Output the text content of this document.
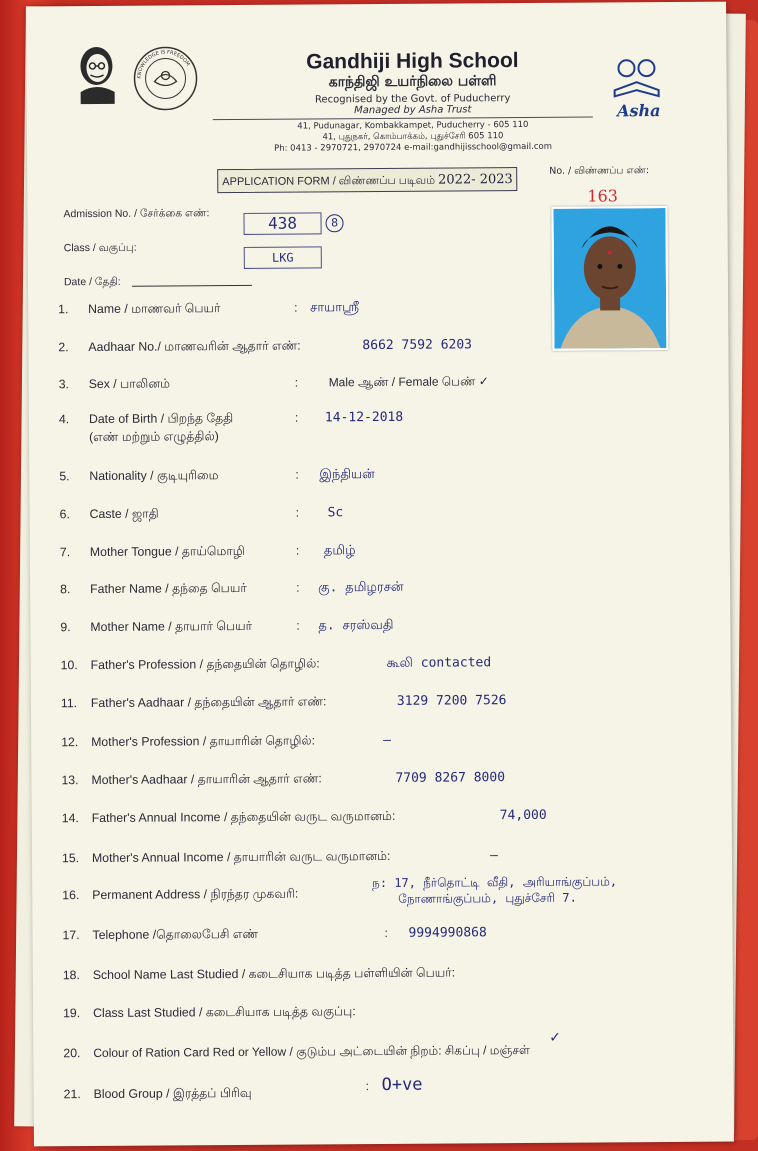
KNOWLEDGE IS FREEDOM
Asha
Gandhiji High School
காந்திஜி உயர்நிலை பள்ளி
Recognised by the Govt. of Puducherry
Managed by Asha Trust
41, Pudunagar, Kombakkampet, Puducherry - 605 110
41, புதுநகர், கொம்பாக்கம், புதுச்சேரி 605 110
Ph: 0413 - 2970721, 2970724 e-mail:gandhijisschool@gmail.com
APPLICATION FORM / விண்ணப்ப படிவம் 2022- 2023
No. / விண்ணப்ப எண்:
163
Admission No. / சேர்க்கை எண்:	438	8
Class / வகுப்பு:
LKG
Date / தேதி:
1.	Name / மாணவர் பெயர்	: சாயாஸ்ரீ
2.	Aadhaar No./ மாணவரின் ஆதார் எண்:	8662 7592 6203
3.	Sex / பாலினம்	:	Male ஆண் / Female பெண் ✓
4.	Date of Birth / பிறந்த தேதி
(எண் மற்றும் எழுத்தில்)
: 14-12-2018
5.	Nationality / குடியுரிமை	: இந்தியன்
6.	Caste / ஜாதி	: Sc
7.	Mother Tongue / தாய்மொழி	: தமிழ்
8.	Father Name / தந்தை பெயர்	: கு. தமிழரசன்
9.	Mother Name / தாயார் பெயர்	: த. சரஸ்வதி
10.	Father's Profession / தந்தையின் தொழில்:	கூலி contacted
11.	Father's Aadhaar / தந்தையின் ஆதார் எண்:	3129 7200 7526
12.	Mother's Profession / தாயாரின் தொழில்:	–
13.	Mother's Aadhaar / தாயாரின் ஆதார் எண்:	7709 8267 8000
14.	Father's Annual Income / தந்தையின் வருட வருமானம்:	74,000
15.	Mother's Annual Income / தாயாரின் வருட வருமானம்:	–
16.	Permanent Address / நிரந்தர முகவரி:
ந: 17, நீர்தொட்டி வீதி, அரியாங்குப்பம்,
நோணாங்குப்பம், புதுச்சேரி 7.
17.	Telephone /தொலைபேசி எண்	: 9994990868
18.	School Name Last Studied / கடைசியாக படித்த பள்ளியின் பெயர்:
19.	Class Last Studied / கடைசியாக படித்த வகுப்பு:
20.	Colour of Ration Card Red or Yellow / குடும்ப அட்டையின் நிறம்: சிகப்பு / மஞ்சள்
✓
21.	Blood Group / இரத்தப் பிரிவு	: O+ve
